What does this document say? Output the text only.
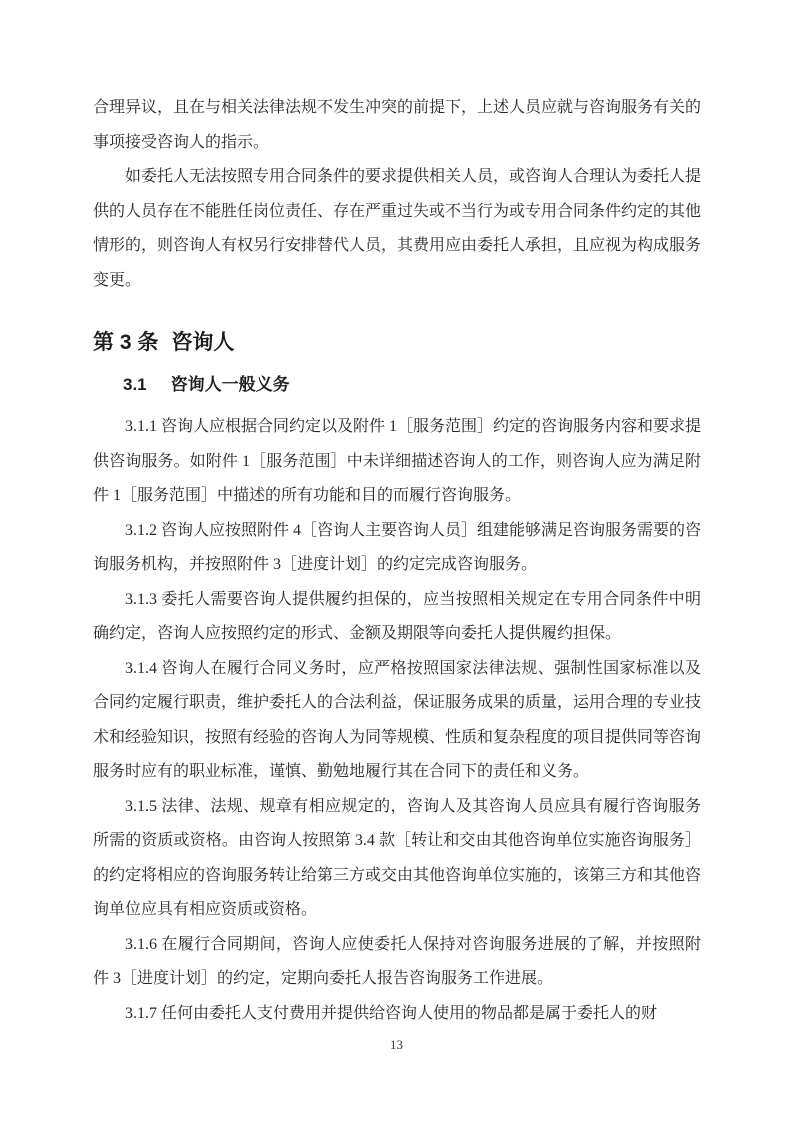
合理异议，且在与相关法律法规不发生冲突的前提下，上述人员应就与咨询服务有关的事项接受咨询人的指示。

如委托人无法按照专用合同条件的要求提供相关人员，或咨询人合理认为委托人提供的人员存在不能胜任岗位责任、存在严重过失或不当行为或专用合同条件约定的其他情形的，则咨询人有权另行安排替代人员，其费用应由委托人承担，且应视为构成服务变更。

第 3 条 咨询人
3.1 咨询人一般义务

3.1.1 咨询人应根据合同约定以及附件 1［服务范围］约定的咨询服务内容和要求提供咨询服务。如附件 1［服务范围］中未详细描述咨询人的工作，则咨询人应为满足附件 1［服务范围］中描述的所有功能和目的而履行咨询服务。

3.1.2 咨询人应按照附件 4［咨询人主要咨询人员］组建能够满足咨询服务需要的咨询服务机构，并按照附件 3［进度计划］的约定完成咨询服务。

3.1.3 委托人需要咨询人提供履约担保的，应当按照相关规定在专用合同条件中明确约定，咨询人应按照约定的形式、金额及期限等向委托人提供履约担保。

3.1.4 咨询人在履行合同义务时，应严格按照国家法律法规、强制性国家标准以及合同约定履行职责，维护委托人的合法利益，保证服务成果的质量，运用合理的专业技术和经验知识，按照有经验的咨询人为同等规模、性质和复杂程度的项目提供同等咨询服务时应有的职业标准，谨慎、勤勉地履行其在合同下的责任和义务。

3.1.5 法律、法规、规章有相应规定的，咨询人及其咨询人员应具有履行咨询服务所需的资质或资格。由咨询人按照第 3.4 款［转让和交由其他咨询单位实施咨询服务］的约定将相应的咨询服务转让给第三方或交由其他咨询单位实施的，该第三方和其他咨询单位应具有相应资质或资格。

3.1.6 在履行合同期间，咨询人应使委托人保持对咨询服务进展的了解，并按照附件 3［进度计划］的约定，定期向委托人报告咨询服务工作进展。

3.1.7 任何由委托人支付费用并提供给咨询人使用的物品都是属于委托人的财

13
